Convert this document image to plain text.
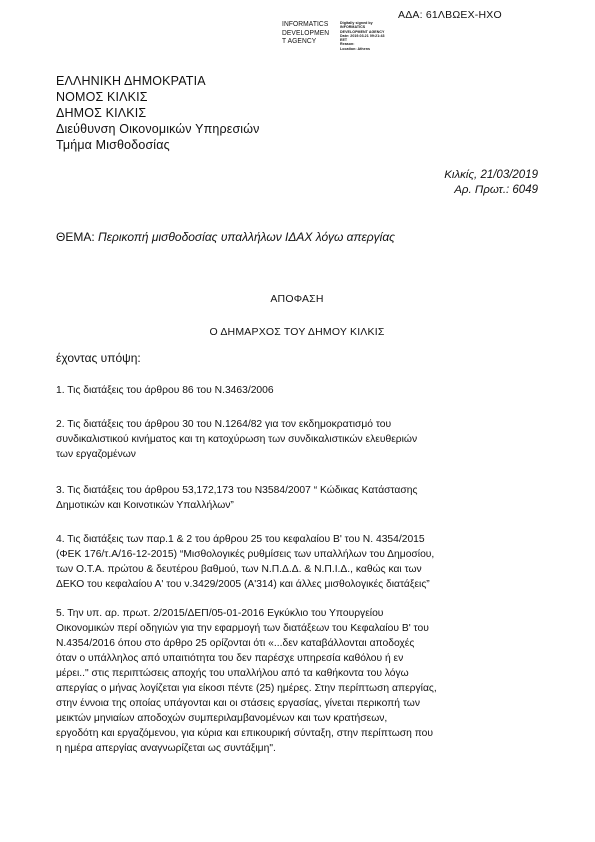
ΑΔΑ: 61ΛΒΩΕΧ-ΗΧΟ
INFORMATICS
DEVELOPMEN
T AGENCY
Digitally signed by
INFORMATICS
DEVELOPMENT AGENCY
Date: 2019.03.21 09:21:43
EET
Reason:
Location: Athens
ΕΛΛΗΝΙΚΗ ΔΗΜΟΚΡΑΤΙΑ
ΝΟΜΟΣ ΚΙΛΚΙΣ
ΔΗΜΟΣ ΚΙΛΚΙΣ
Διεύθυνση Οικονομικών Υπηρεσιών
Τμήμα Μισθοδοσίας
Κιλκίς, 21/03/2019
Αρ. Πρωτ.: 6049
ΘΕΜΑ: Περικοπή μισθοδοσίας υπαλλήλων ΙΔΑΧ λόγω απεργίας
ΑΠΟΦΑΣΗ
Ο ΔΗΜΑΡΧΟΣ ΤΟΥ ΔΗΜΟΥ ΚΙΛΚΙΣ
έχοντας υπόψη:
1. Τις διατάξεις του άρθρου 86 του Ν.3463/2006
2. Τις διατάξεις του άρθρου 30 του Ν.1264/82 για τον εκδημοκρατισμό του
συνδικαλιστικού κινήματος και τη κατοχύρωση των συνδικαλιστικών ελευθεριών
των εργαζομένων
3. Τις διατάξεις του άρθρου 53,172,173 του Ν3584/2007 “ Κώδικας Κατάστασης
Δημοτικών και Κοινοτικών Υπαλλήλων”
4. Τις διατάξεις των παρ.1 & 2 του άρθρου 25 του κεφαλαίου Β' του Ν. 4354/2015
(ΦΕΚ 176/τ.Α/16-12-2015) “Μισθολογικές ρυθμίσεις των υπαλλήλων του Δημοσίου,
των Ο.Τ.Α. πρώτου & δευτέρου βαθμού, των Ν.Π.Δ.Δ. & Ν.Π.Ι.Δ., καθώς και των
ΔΕΚΟ του κεφαλαίου Α' του ν.3429/2005 (Α'314) και άλλες μισθολογικές διατάξεις”
5. Την υπ. αρ. πρωτ. 2/2015/ΔΕΠ/05-01-2016 Εγκύκλιο του Υπουργείου
Οικονομικών περί οδηγιών για την εφαρμογή των διατάξεων του Κεφαλαίου Β' του
Ν.4354/2016 όπου στο άρθρο 25 ορίζονται ότι «...δεν καταβάλλονται αποδοχές
όταν ο υπάλληλος από υπαιτιότητα του δεν παρέσχε υπηρεσία καθόλου ή εν
μέρει.." στις περιπτώσεις αποχής του υπαλλήλου από τα καθήκοντα του λόγω
απεργίας ο μήνας λογίζεται για είκοσι πέντε (25) ημέρες. Στην περίπτωση απεργίας,
στην έννοια της οποίας υπάγονται και οι στάσεις εργασίας, γίνεται περικοπή των
μεικτών μηνιαίων αποδοχών συμπεριλαμβανομένων και των κρατήσεων,
εργοδότη και εργαζόμενου, για κύρια και επικουρική σύνταξη, στην περίπτωση που
η ημέρα απεργίας αναγνωρίζεται ως συντάξιμη".
